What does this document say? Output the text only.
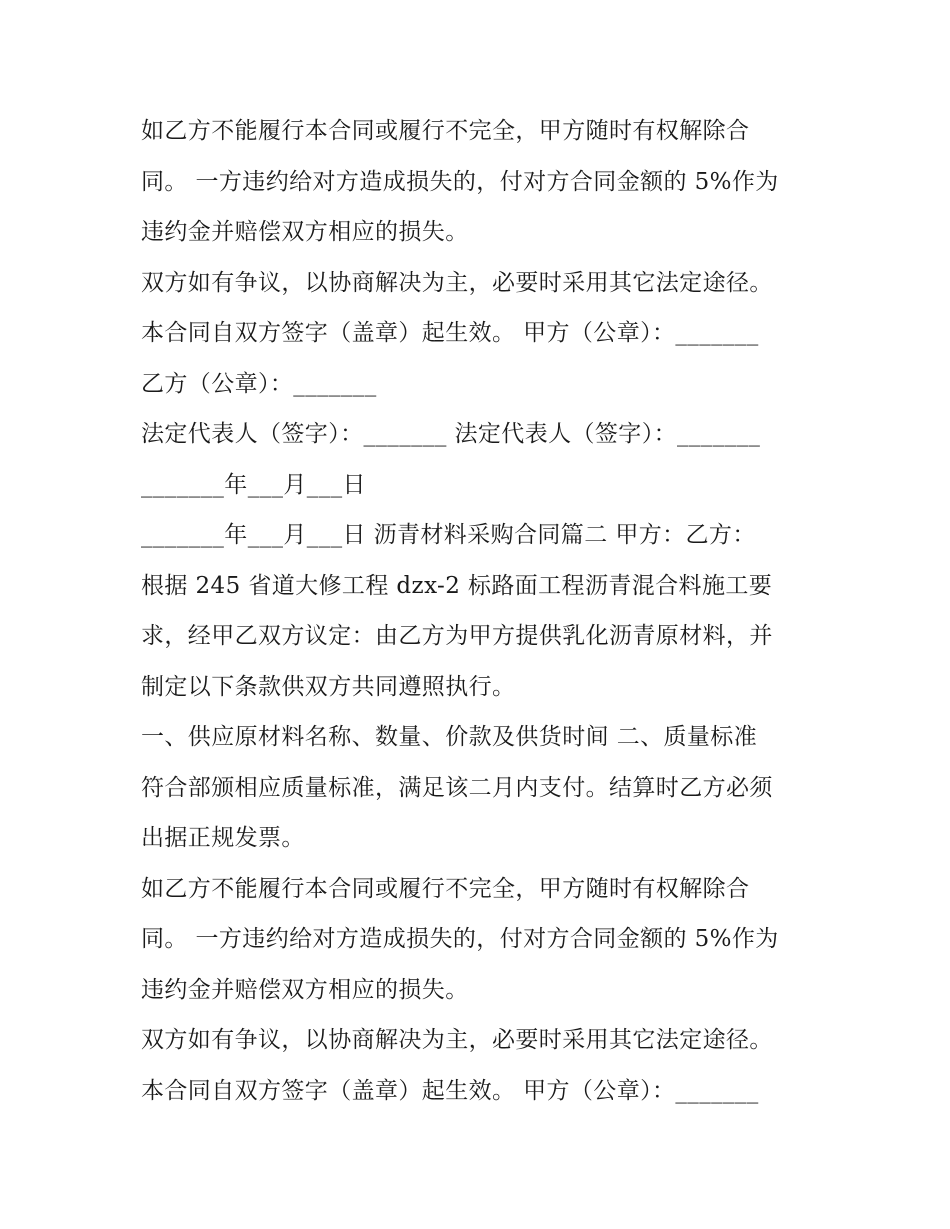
如乙方不能履行本合同或履行不完全，甲方随时有权解除合
同。 一方违约给对方造成损失的，付对方合同金额的 5%作为
违约金并赔偿双方相应的损失。
双方如有争议，以协商解决为主，必要时采用其它法定途径。
本合同自双方签字（盖章）起生效。 甲方（公章）：_______
乙方（公章）：_______
法定代表人（签字）：_______ 法定代表人（签字）：_______
_______年___月___日
_______年___月___日 沥青材料采购合同篇二 甲方：乙方：
根据 245 省道大修工程 dzx-2 标路面工程沥青混合料施工要
求，经甲乙双方议定：由乙方为甲方提供乳化沥青原材料，并
制定以下条款供双方共同遵照执行。
一、供应原材料名称、数量、价款及供货时间 二、质量标准
符合部颁相应质量标准，满足该二月内支付。结算时乙方必须
出据正规发票。
如乙方不能履行本合同或履行不完全，甲方随时有权解除合
同。 一方违约给对方造成损失的，付对方合同金额的 5%作为
违约金并赔偿双方相应的损失。
双方如有争议，以协商解决为主，必要时采用其它法定途径。
本合同自双方签字（盖章）起生效。 甲方（公章）：_______
